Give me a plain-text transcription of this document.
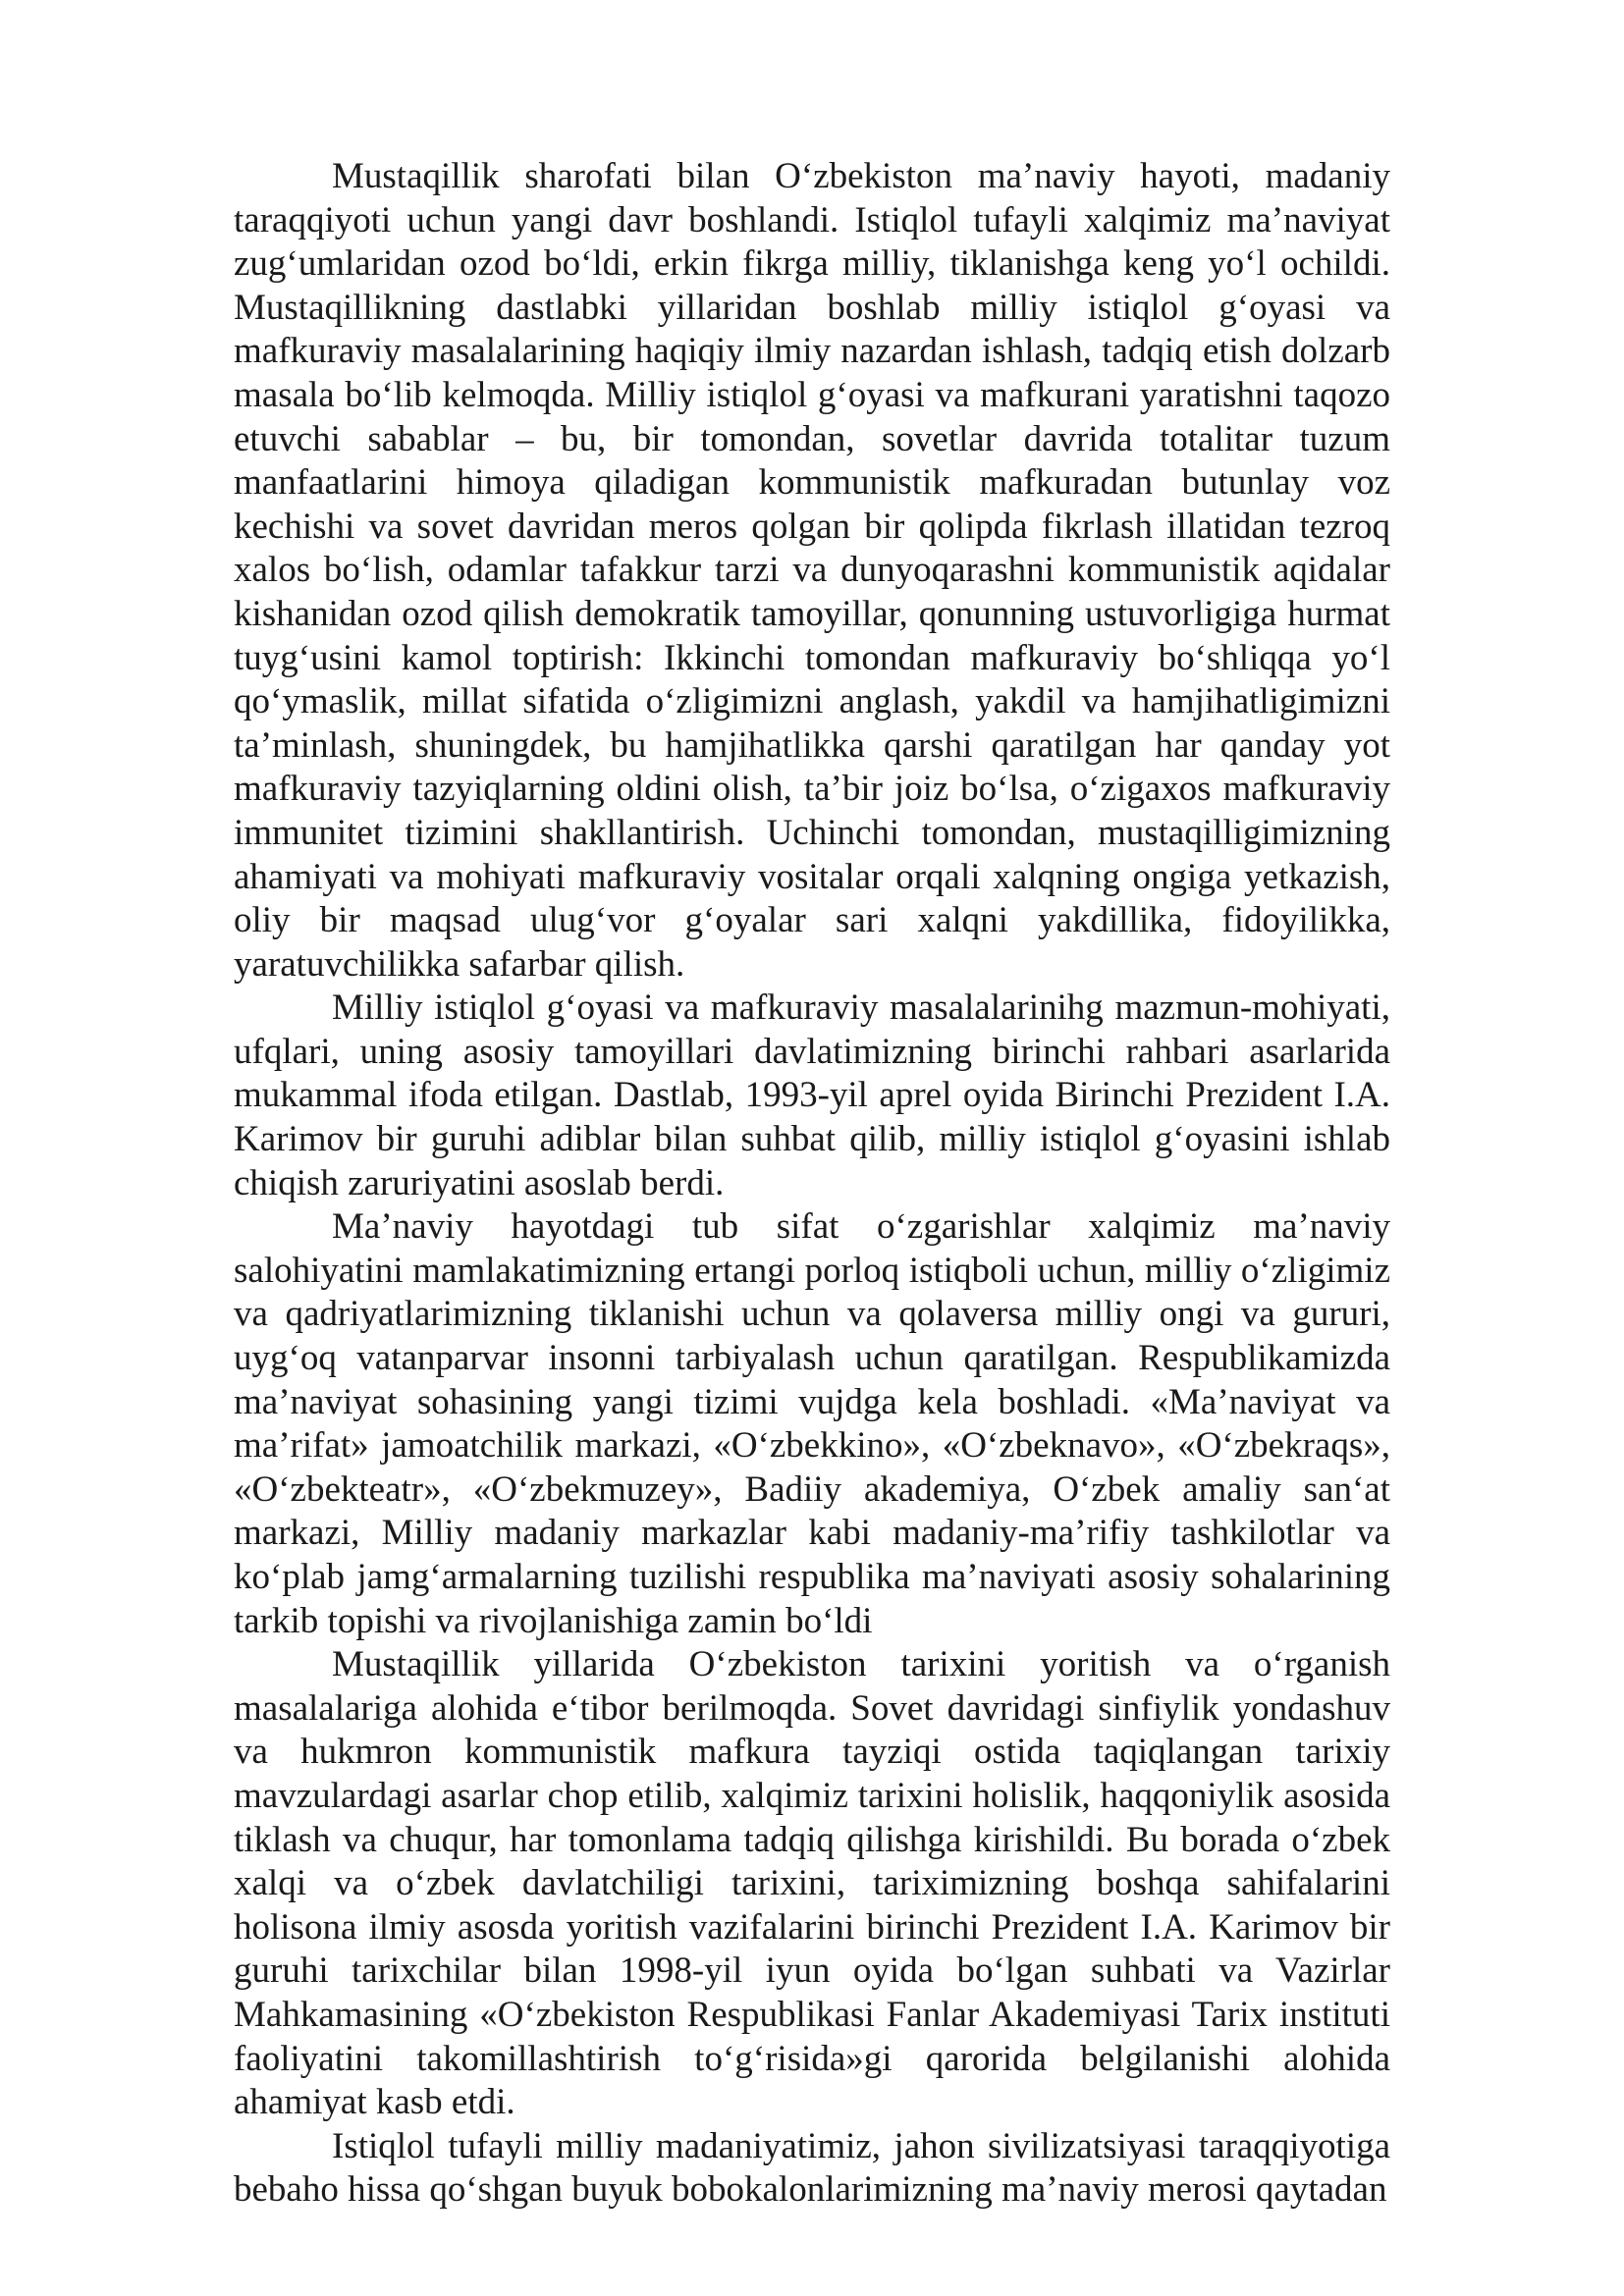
Mustaqillik sharofati bilan O‘zbekiston ma’naviy hayoti, madaniy taraqqiyoti uchun yangi davr boshlandi. Istiqlol tufayli xalqimiz ma’naviyat zug‘umlaridan ozod bo‘ldi, erkin fikrga milliy, tiklanishga keng yo‘l ochildi. Mustaqillikning dastlabki yillaridan boshlab milliy istiqlol g‘oyasi va mafkuraviy masalalarining haqiqiy ilmiy nazardan ishlash, tadqiq etish dolzarb masala bo‘lib kelmoqda. Milliy istiqlol g‘oyasi va mafkurani yaratishni taqozo etuvchi sabablar – bu, bir tomondan, sovetlar davrida totalitar tuzum manfaatlarini himoya qiladigan kommunistik mafkuradan butunlay voz kechishi va sovet davridan meros qolgan bir qolipda fikrlash illatidan tezroq xalos bo‘lish, odamlar tafakkur tarzi va dunyoqarashni kommunistik aqidalar kishanidan ozod qilish demokratik tamoyillar, qonunning ustuvorligiga hurmat tuyg‘usini kamol toptirish: Ikkinchi tomondan mafkuraviy bo‘shliqqa yo‘l qo‘ymaslik, millat sifatida o‘zligimizni anglash, yakdil va hamjihatligimizni ta’minlash, shuningdek, bu hamjihatlikka qarshi qaratilgan har qanday yot mafkuraviy tazyiqlarning oldini olish, ta’bir joiz bo‘lsa, o‘zigaxos mafkuraviy immunitet tizimini shakllantirish. Uchinchi tomondan, mustaqilligimizning ahamiyati va mohiyati mafkuraviy vositalar orqali xalqning ongiga yetkazish, oliy bir maqsad ulug‘vor g‘oyalar sari xalqni yakdillika, fidoyilikka, yaratuvchilikka safarbar qilish.

Milliy istiqlol g‘oyasi va mafkuraviy masalalarinihg mazmun-mohiyati, ufqlari, uning asosiy tamoyillari davlatimizning birinchi rahbari asarlarida mukammal ifoda etilgan. Dastlab, 1993-yil aprel oyida Birinchi Prezident I.A. Karimov bir guruhi adiblar bilan suhbat qilib, milliy istiqlol g‘oyasini ishlab chiqish zaruriyatini asoslab berdi.

Ma’naviy hayotdagi tub sifat o‘zgarishlar xalqimiz ma’naviy salohiyatini mamlakatimizning ertangi porloq istiqboli uchun, milliy o‘zligimiz va qadriyatlarimizning tiklanishi uchun va qolaversa milliy ongi va gururi, uyg‘oq vatanparvar insonni tarbiyalash uchun qaratilgan. Respublikamizda ma’naviyat sohasining yangi tizimi vujdga kela boshladi. «Ma’naviyat va ma’rifat» jamoatchilik markazi, «O‘zbekkino», «O‘zbeknavo», «O‘zbekraqs», «O‘zbekteatr», «O‘zbekmuzey», Badiiy akademiya, O‘zbek amaliy san‘at markazi, Milliy madaniy markazlar kabi madaniy-ma’rifiy tashkilotlar va ko‘plab jamg‘armalarning tuzilishi respublika ma’naviyati asosiy sohalarining tarkib topishi va rivojlanishiga zamin bo‘ldi

Mustaqillik yillarida O‘zbekiston tarixini yoritish va o‘rganish masalalariga alohida e‘tibor berilmoqda. Sovet davridagi sinfiylik yondashuv va hukmron kommunistik mafkura tayziqi ostida taqiqlangan tarixiy mavzulardagi asarlar chop etilib, xalqimiz tarixini holislik, haqqoniylik asosida tiklash va chuqur, har tomonlama tadqiq qilishga kirishildi. Bu borada o‘zbek xalqi va o‘zbek davlatchiligi tarixini, tariximizning boshqa sahifalarini holisona ilmiy asosda yoritish vazifalarini birinchi Prezident I.A. Karimov bir guruhi tarixchilar bilan 1998-yil iyun oyida bo‘lgan suhbati va Vazirlar Mahkamasining «O‘zbekiston Respublikasi Fanlar Akademiyasi Tarix instituti faoliyatini takomillashtirish to‘g‘risida»gi qarorida belgilanishi alohida ahamiyat kasb etdi.

Istiqlol tufayli milliy madaniyatimiz, jahon sivilizatsiyasi taraqqiyotiga bebaho hissa qo‘shgan buyuk bobokalonlarimizning ma’naviy merosi qaytadan
